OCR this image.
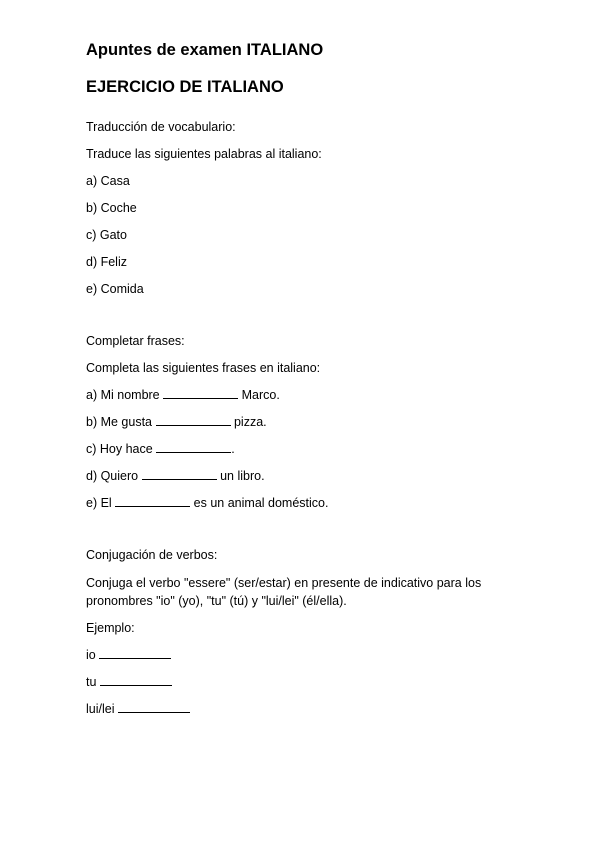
Apuntes de examen ITALIANO

EJERCICIO DE ITALIANO

Traducción de vocabulario:

Traduce las siguientes palabras al italiano:

a) Casa

b) Coche

c) Gato

d) Feliz

e) Comida

Completar frases:

Completa las siguientes frases en italiano:

a) Mi nombre	Marco.

b) Me gusta	pizza.

c) Hoy hace	.

d) Quiero	un libro.

e) El	es un animal doméstico.

Conjugación de verbos:

Conjuga el verbo "essere" (ser/estar) en presente de indicativo para los

pronombres "io" (yo), "tu" (tú) y "lui/lei" (él/ella).

Ejemplo:

io

tu

lui/lei
